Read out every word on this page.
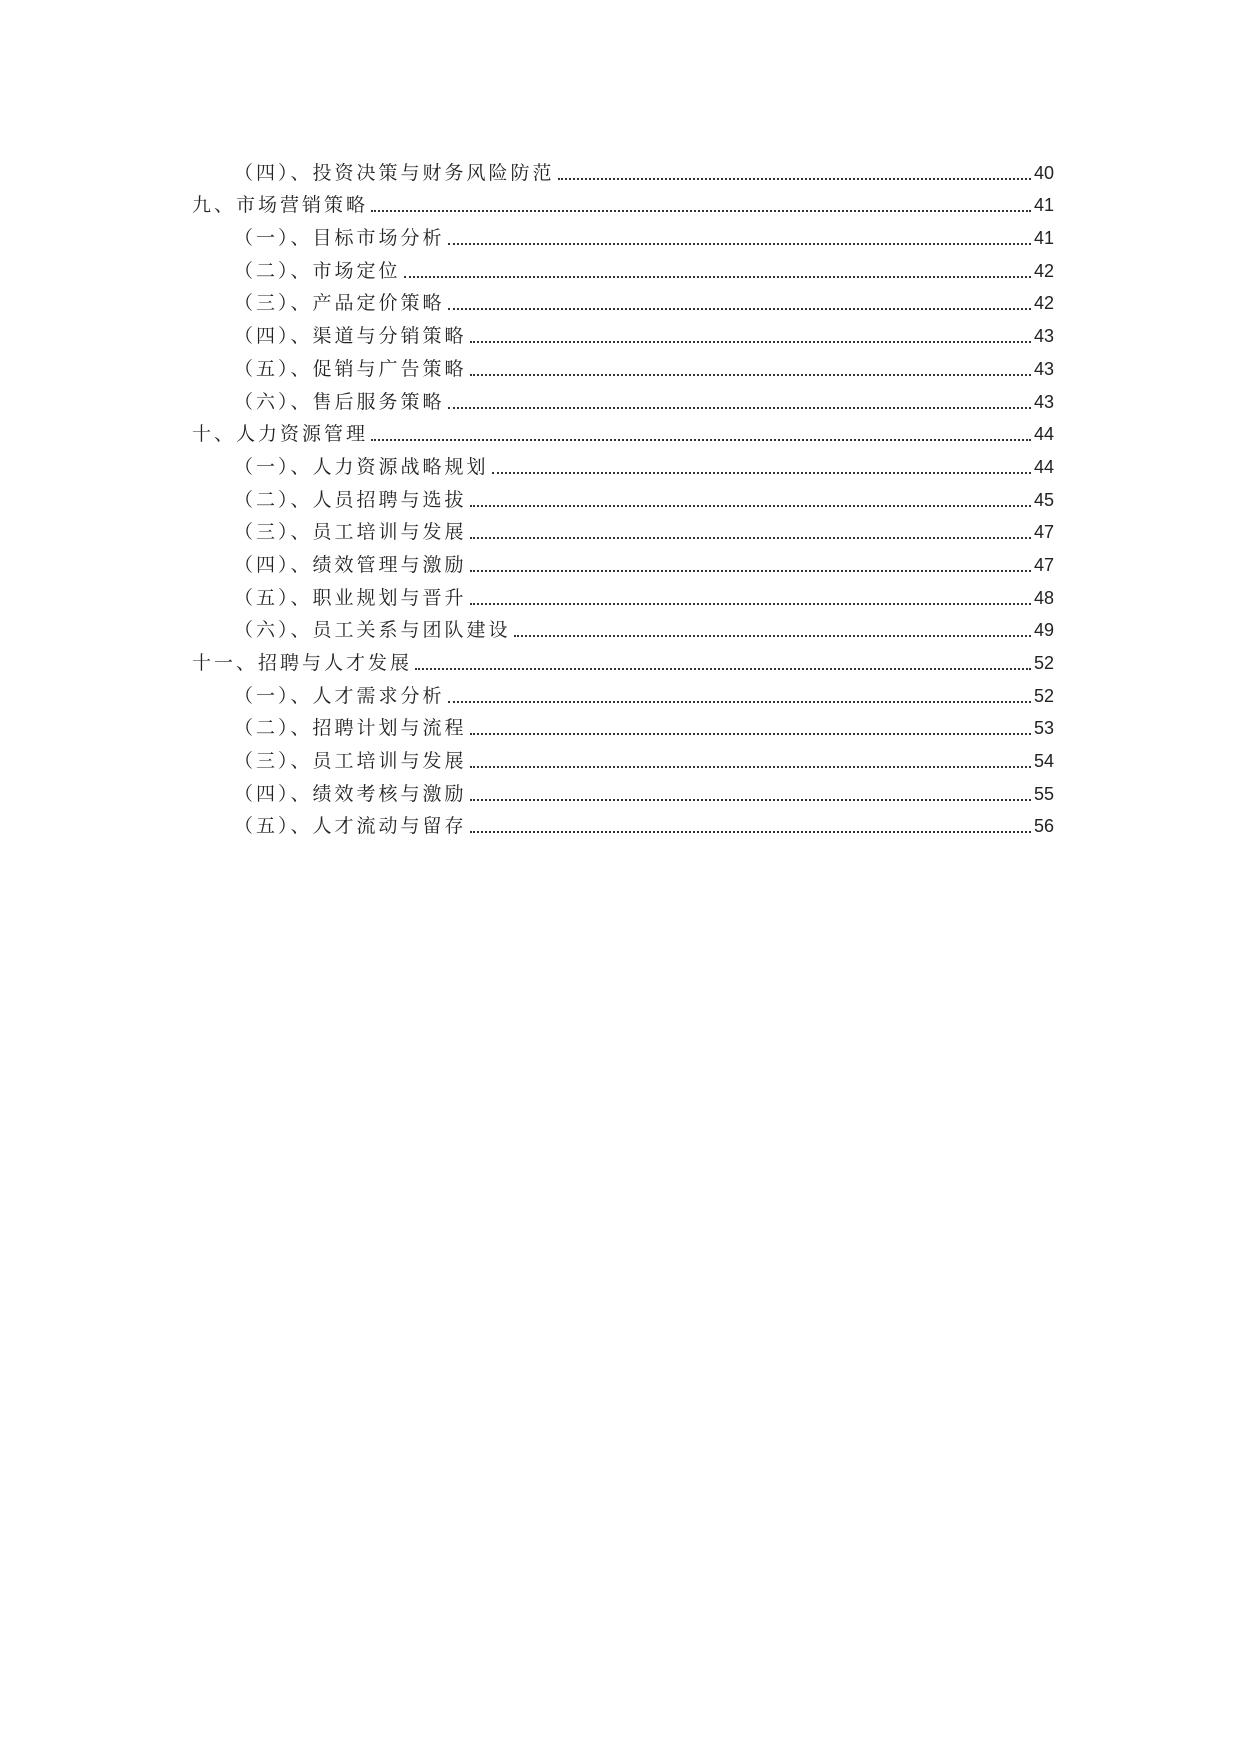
（四）、投资决策与财务风险防范	40
九、市场营销策略	41
（一）、目标市场分析	41
（二）、市场定位	42
（三）、产品定价策略	42
（四）、渠道与分销策略	43
（五）、促销与广告策略	43
（六）、售后服务策略	43
十、人力资源管理	44
（一）、人力资源战略规划	44
（二）、人员招聘与选拔	45
（三）、员工培训与发展	47
（四）、绩效管理与激励	47
（五）、职业规划与晋升	48
（六）、员工关系与团队建设	49
十一、招聘与人才发展	52
（一）、人才需求分析	52
（二）、招聘计划与流程	53
（三）、员工培训与发展	54
（四）、绩效考核与激励	55
（五）、人才流动与留存	56
